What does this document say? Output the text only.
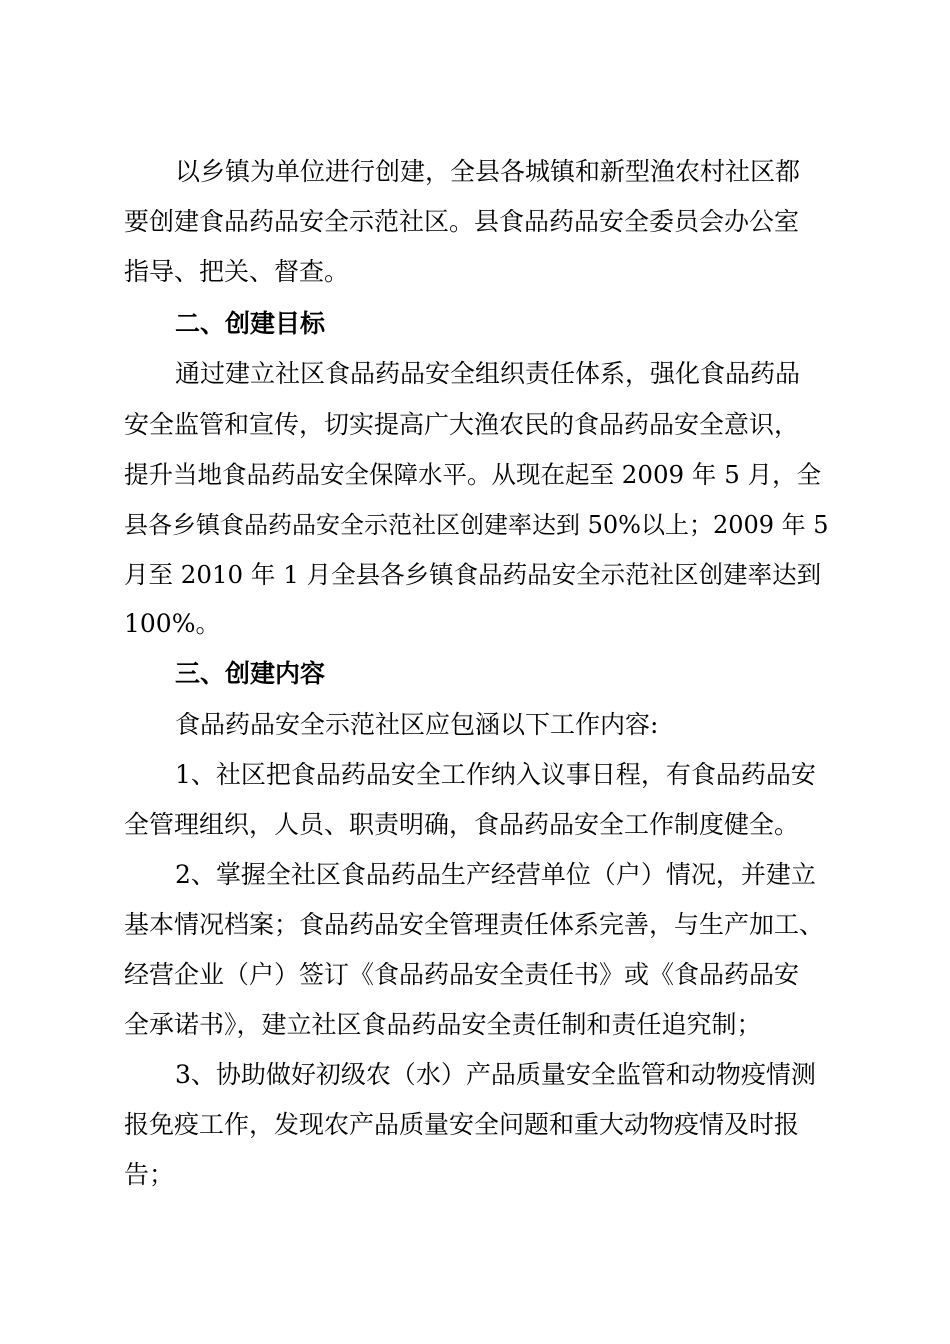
以乡镇为单位进行创建，全县各城镇和新型渔农村社区都
要创建食品药品安全示范社区。县食品药品安全委员会办公室
指导、把关、督查。
二、创建目标
通过建立社区食品药品安全组织责任体系，强化食品药品
安全监管和宣传，切实提高广大渔农民的食品药品安全意识，
提升当地食品药品安全保障水平。从现在起至 2009 年 5 月，全
县各乡镇食品药品安全示范社区创建率达到 50%以上；2009 年 5
月至 2010 年 1 月全县各乡镇食品药品安全示范社区创建率达到
100%。
三、创建内容
食品药品安全示范社区应包涵以下工作内容:
1、社区把食品药品安全工作纳入议事日程，有食品药品安
全管理组织，人员、职责明确，食品药品安全工作制度健全。
2、掌握全社区食品药品生产经营单位（户）情况，并建立
基本情况档案；食品药品安全管理责任体系完善，与生产加工、
经营企业（户）签订《食品药品安全责任书》或《食品药品安
全承诺书》，建立社区食品药品安全责任制和责任追究制；
3、协助做好初级农（水）产品质量安全监管和动物疫情测
报免疫工作，发现农产品质量安全问题和重大动物疫情及时报
告；
